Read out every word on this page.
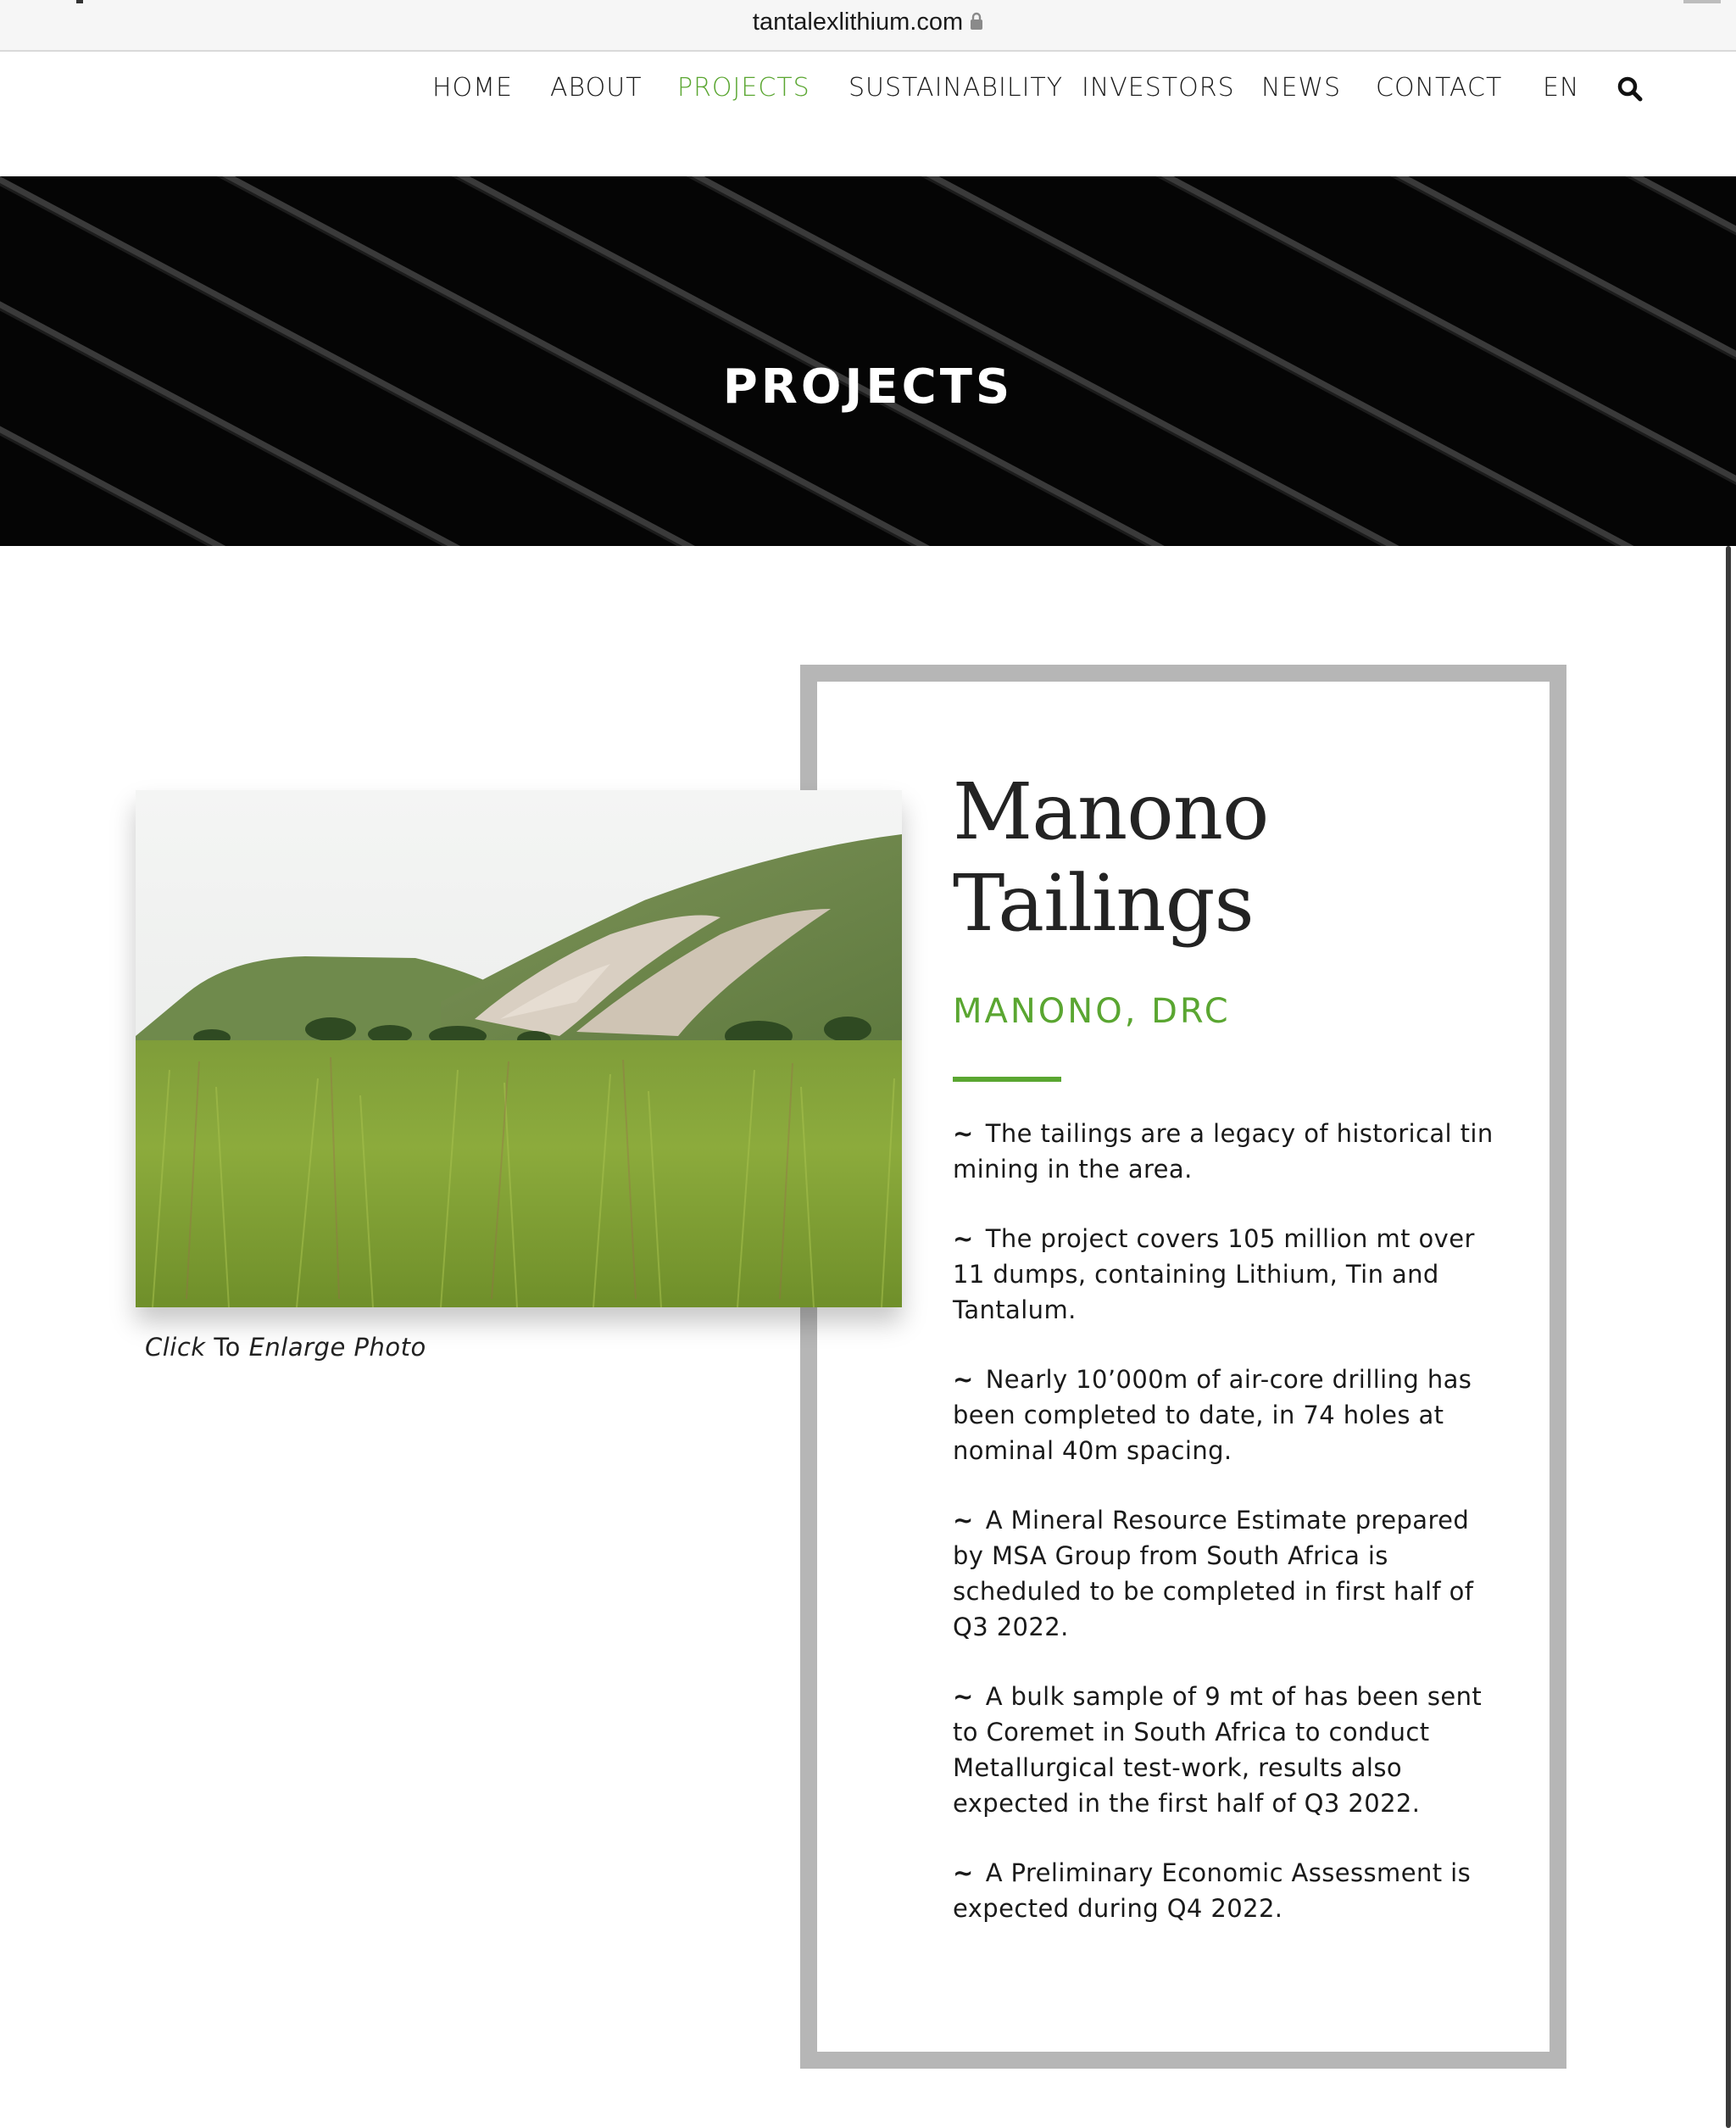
tantalexlithium.com
HOME ABOUT PROJECTS SUSTAINABILITY INVESTORS NEWS CONTACT EN
PROJECTS
Click To Enlarge Photo
Manono
Tailings
MANONO, DRC

~ The tailings are a legacy of historical tin mining in the area.

~ The project covers 105 million mt over 11 dumps, containing Lithium, Tin and Tantalum.

~ Nearly 10’000m of air-core drilling has been completed to date, in 74 holes at nominal 40m spacing.

~ A Mineral Resource Estimate prepared by MSA Group from South Africa is scheduled to be completed in first half of Q3 2022.

~ A bulk sample of 9 mt of has been sent to Coremet in South Africa to conduct Metallurgical test-work, results also expected in the first half of Q3 2022.

~ A Preliminary Economic Assessment is expected during Q4 2022.
